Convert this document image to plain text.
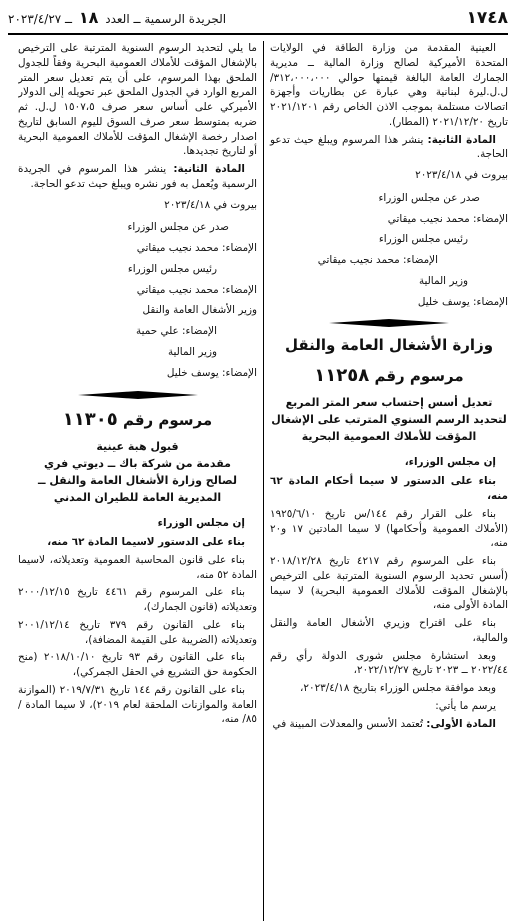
١٧٤٨
الجريدة الرسمية ــ العدد ١٨ ــ ٢٠٢٣/٤/٢٧

العينية المقدمة من وزارة الطاقة في الولايات المتحدة الأميركية لصالح وزارة المالية ــ مديرية الجمارك العامة البالغة قيمتها حوالي ٣١٢،٠٠٠،٠٠٠/ ل.ل.ليرة لبنانية وهي عبارة عن بطاريات وأجهزة اتصالات مستلمة بموجب الاذن الخاص رقم ٢٠٢١/١٢٠١ تاريخ ٢٠٢١/١٢/٢٠ (المطار).

المادة الثانية: ينشر هذا المرسوم ويبلغ حيث تدعو الحاجة.

بيروت في ٢٠٢٣/٤/١٨

صدر عن مجلس الوزراء

الإمضاء: محمد نجيب ميقاتي

رئيس مجلس الوزراء

الإمضاء: محمد نجيب ميقاتي

وزير المالية

الإمضاء: يوسف خليل

وزارة الأشغال العامة والنقل
مرسوم رقم ١١٢٥٨
تعديل أسس إحتساب سعر المتر المربع لتحديد الرسم السنوي المترتب على الإشغال المؤقت للأملاك العمومية البحرية

إن مجلس الوزراء،

بناء على الدستور لا سيما أحكام المادة ٦٢ منه،

بناء على القرار رقم ١٤٤/س تاريخ ١٩٢٥/٦/١٠ (الأملاك العمومية وأحكامها) لا سيما المادتين ١٧ و٢٠ منه،

بناء على المرسوم رقم ٤٢١٧ تاريخ ٢٠١٨/١٢/٢٨ (أسس تحديد الرسوم السنوية المترتبة على الترخيص بالإشغال المؤقت للأملاك العمومية البحرية) لا سيما المادة الأولى منه،

بناء على اقتراح وزيري الأشغال العامة والنقل والمالية،

وبعد استشارة مجلس شورى الدولة رأي رقم ٢٠٢٢/٤٤ ــ ٢٠٢٣ تاريخ ٢٠٢٢/١٢/٢٧،

وبعد موافقة مجلس الوزراء بتاريخ ٢٠٢٣/٤/١٨،

يرسم ما يأتي:

المادة الأولى: تُعتمد الأسس والمعدلات المبينة في

ما يلي لتحديد الرسوم السنوية المترتبة على الترخيص بالإشغال المؤقت للأملاك العمومية البحرية وفقاً للجدول الملحق بهذا المرسوم، على أن يتم تعديل سعر المتر المربع الوارد في الجدول الملحق عبر تحويله إلى الدولار الأميركي على أساس سعر صرف ١٥٠٧،٥ ل.ل. ثم ضربه بمتوسط سعر صرف السوق لليوم السابق لتاريخ اصدار رخصة الإشغال المؤقت للأملاك العمومية البحرية أو لتاريخ تجديدها.

المادة الثانية: ينشر هذا المرسوم في الجريدة الرسمية ويُعمل به فور نشره ويبلغ حيث تدعو الحاجة.

بيروت في ٢٠٢٣/٤/١٨

صدر عن مجلس الوزراء

الإمضاء: محمد نجيب ميقاتي

رئيس مجلس الوزراء

الإمضاء: محمد نجيب ميقاتي

وزير الأشغال العامة والنقل

الإمضاء: علي حمية

وزير المالية

الإمضاء: يوسف خليل

مرسوم رقم ١١٣٠٥
قبول هبة عينية
مقدمة من شركة باك ــ ديوتي فري
لصالح وزارة الأشغال العامة والنقل ــ
المديرية العامة للطيران المدني

إن مجلس الوزراء

بناء على الدستور لاسيما المادة ٦٢ منه،

بناء على قانون المحاسبة العمومية وتعديلاته، لاسيما المادة ٥٢ منه،

بناء على المرسوم رقم ٤٤٦١ تاريخ ٢٠٠٠/١٢/١٥ وتعديلاته (قانون الجمارك)،

بناء على القانون رقم ٣٧٩ تاريخ ٢٠٠١/١٢/١٤ وتعديلاته (الضريبة على القيمة المضافة)،

بناء على القانون رقم ٩٣ تاريخ ٢٠١٨/١٠/١٠ (منح الحكومة حق التشريع في الحقل الجمركي)،

بناء على القانون رقم ١٤٤ تاريخ ٢٠١٩/٧/٣١ (الموازنة العامة والموازنات الملحقة لعام ٢٠١٩)، لا سيما المادة /٨٥/ منه،
